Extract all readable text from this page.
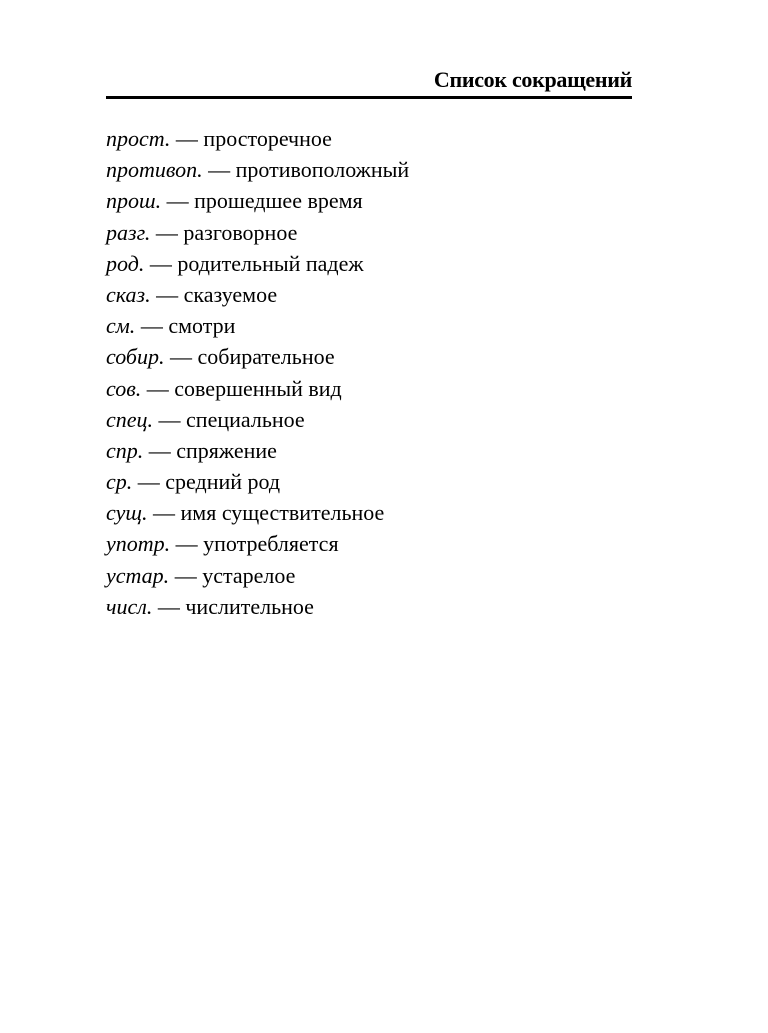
Список сокращений
прост. — просторечное
противоп. — противоположный
прош. — прошедшее время
разг. — разговорное
род. — родительный падеж
сказ. — сказуемое
см. — смотри
собир. — собирательное
сов. — совершенный вид
спец. — специальное
спр. — спряжение
ср. — средний род
сущ. — имя существительное
употр. — употребляется
устар. — устарелое
числ. — числительное
